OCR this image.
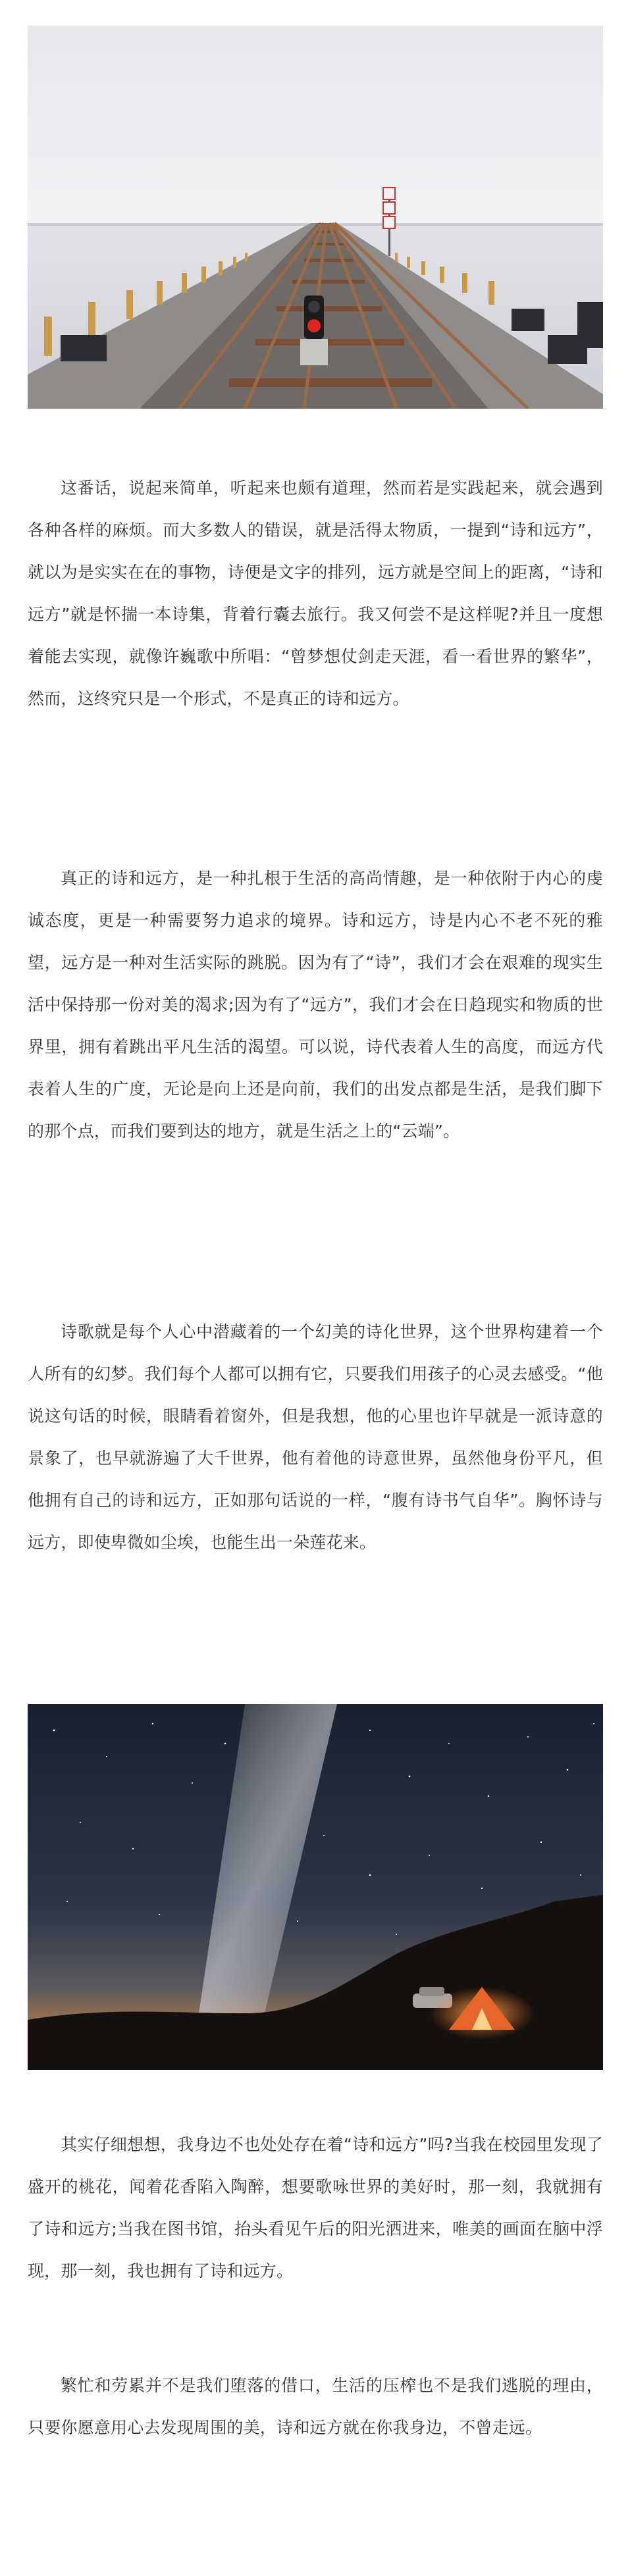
这番话，说起来简单，听起来也颇有道理，然而若是实践起来，就会遇到各种各样的麻烦。而大多数人的错误，就是活得太物质，一提到“诗和远方”，就以为是实实在在的事物，诗便是文字的排列，远方就是空间上的距离，“诗和远方”就是怀揣一本诗集，背着行囊去旅行。我又何尝不是这样呢?并且一度想着能去实现，就像许巍歌中所唱：“曾梦想仗剑走天涯，看一看世界的繁华”，然而，这终究只是一个形式，不是真正的诗和远方。

真正的诗和远方，是一种扎根于生活的高尚情趣，是一种依附于内心的虔诚态度，更是一种需要努力追求的境界。诗和远方，诗是内心不老不死的雅望，远方是一种对生活实际的跳脱。因为有了“诗”，我们才会在艰难的现实生活中保持那一份对美的渴求;因为有了“远方”，我们才会在日趋现实和物质的世界里，拥有着跳出平凡生活的渴望。可以说，诗代表着人生的高度，而远方代表着人生的广度，无论是向上还是向前，我们的出发点都是生活，是我们脚下的那个点，而我们要到达的地方，就是生活之上的“云端”。

诗歌就是每个人心中潜藏着的一个幻美的诗化世界，这个世界构建着一个人所有的幻梦。我们每个人都可以拥有它，只要我们用孩子的心灵去感受。“他说这句话的时候，眼睛看着窗外，但是我想，他的心里也许早就是一派诗意的景象了，也早就游遍了大千世界，他有着他的诗意世界，虽然他身份平凡，但他拥有自己的诗和远方，正如那句话说的一样，“腹有诗书气自华”。胸怀诗与远方，即使卑微如尘埃，也能生出一朵莲花来。

其实仔细想想，我身边不也处处存在着“诗和远方”吗?当我在校园里发现了盛开的桃花，闻着花香陷入陶醉，想要歌咏世界的美好时，那一刻，我就拥有了诗和远方;当我在图书馆，抬头看见午后的阳光洒进来，唯美的画面在脑中浮现，那一刻，我也拥有了诗和远方。

繁忙和劳累并不是我们堕落的借口，生活的压榨也不是我们逃脱的理由，只要你愿意用心去发现周围的美，诗和远方就在你我身边，不曾走远。
